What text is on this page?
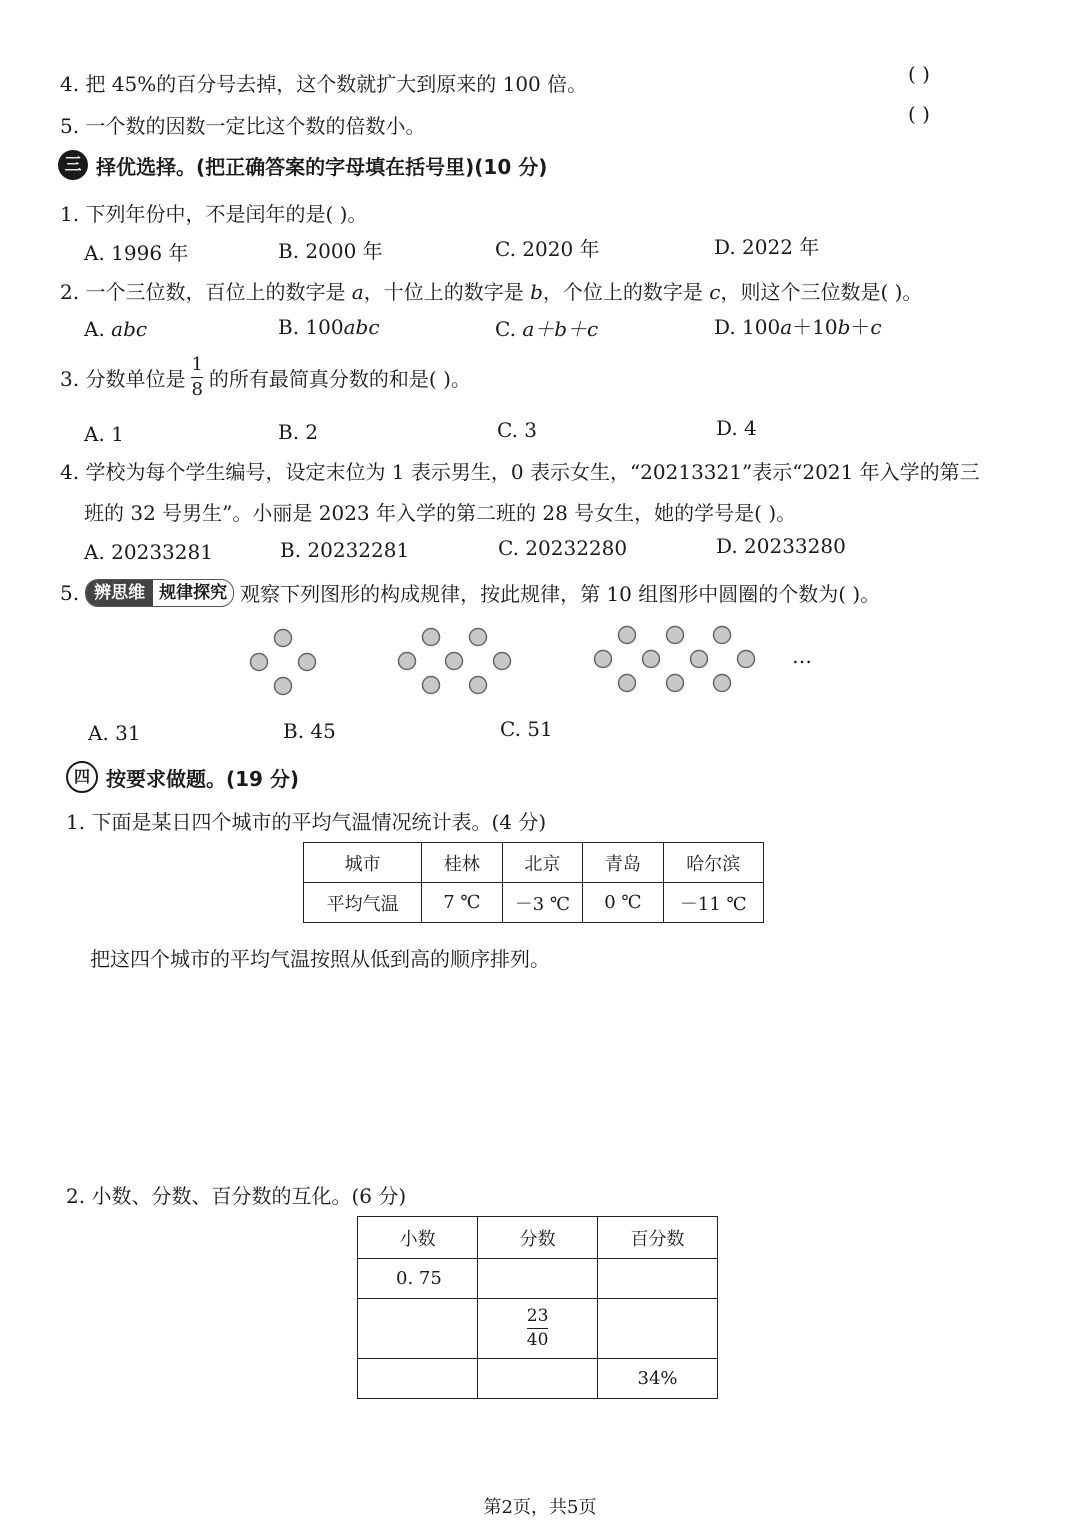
4. 把 45%的百分号去掉，这个数就扩大到原来的 100 倍。	( )
5. 一个数的因数一定比这个数的倍数小。	( )
三 择优选择。(把正确答案的字母填在括号里)(10 分)
1. 下列年份中，不是闰年的是( )。
A. 1996 年	B. 2000 年	C. 2020 年	D. 2022 年
2. 一个三位数，百位上的数字是 a，十位上的数字是 b，个位上的数字是 c，则这个三位数是( )。
A. abc	B. 100abc	C. a＋b＋c	D. 100a＋10b＋c
3. 分数单位是 $\frac{1}{8}$ 的所有最简真分数的和是( )。
A. 1	B. 2	C. 3	D. 4
4. 学校为每个学生编号，设定末位为 1 表示男生，0 表示女生，“20213321”表示“2021 年入学的第三
班的 32 号男生”。小丽是 2023 年入学的第二班的 28 号女生，她的学号是( )。
A. 20233281	B. 20232281	C. 20232280	D. 20233280
5. 辨思维 规律探究 观察下列图形的构成规律，按此规律，第 10 组图形中圆圈的个数为( )。
…
A. 31	B. 45	C. 51
四 按要求做题。(19 分)
1. 下面是某日四个城市的平均气温情况统计表。(4 分)
城市	桂林	北京	青岛	哈尔滨
平均气温	7 ℃	－3 ℃	0 ℃	－11 ℃
把这四个城市的平均气温按照从低到高的顺序排列。
2. 小数、分数、百分数的互化。(6 分)
小数	分数	百分数
0. 75		

	$\frac{23}{40}$

		34%
第2页，共5页
